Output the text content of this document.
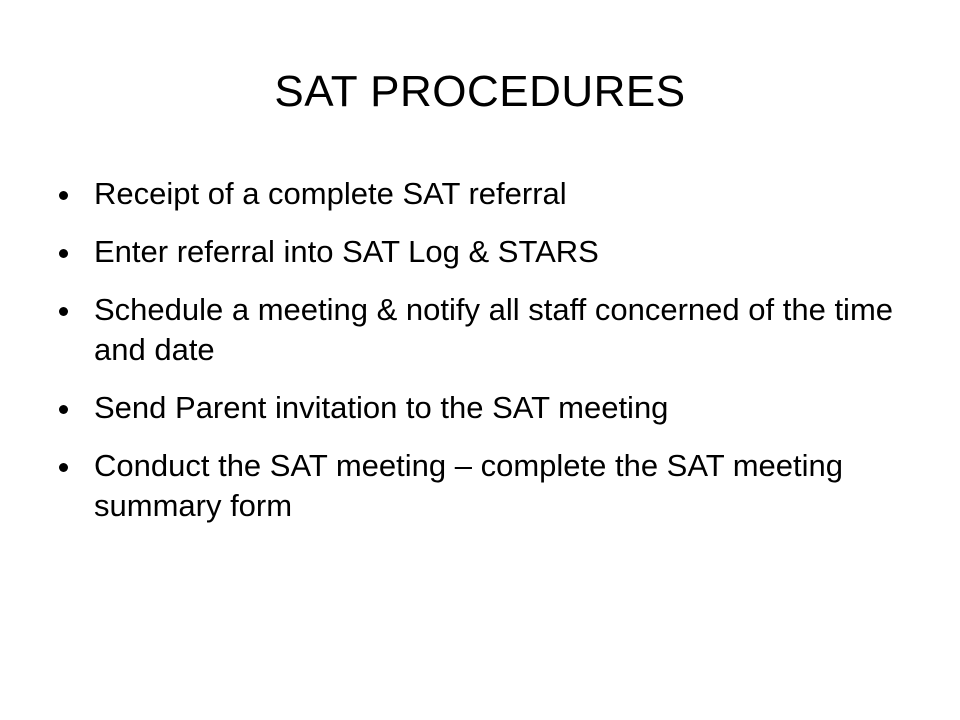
SAT PROCEDURES
Receipt of a complete SAT referral
Enter referral into SAT Log & STARS
Schedule a meeting & notify all staff concerned of the time and date
Send Parent invitation to the SAT meeting
Conduct the SAT meeting – complete the SAT meeting summary form
